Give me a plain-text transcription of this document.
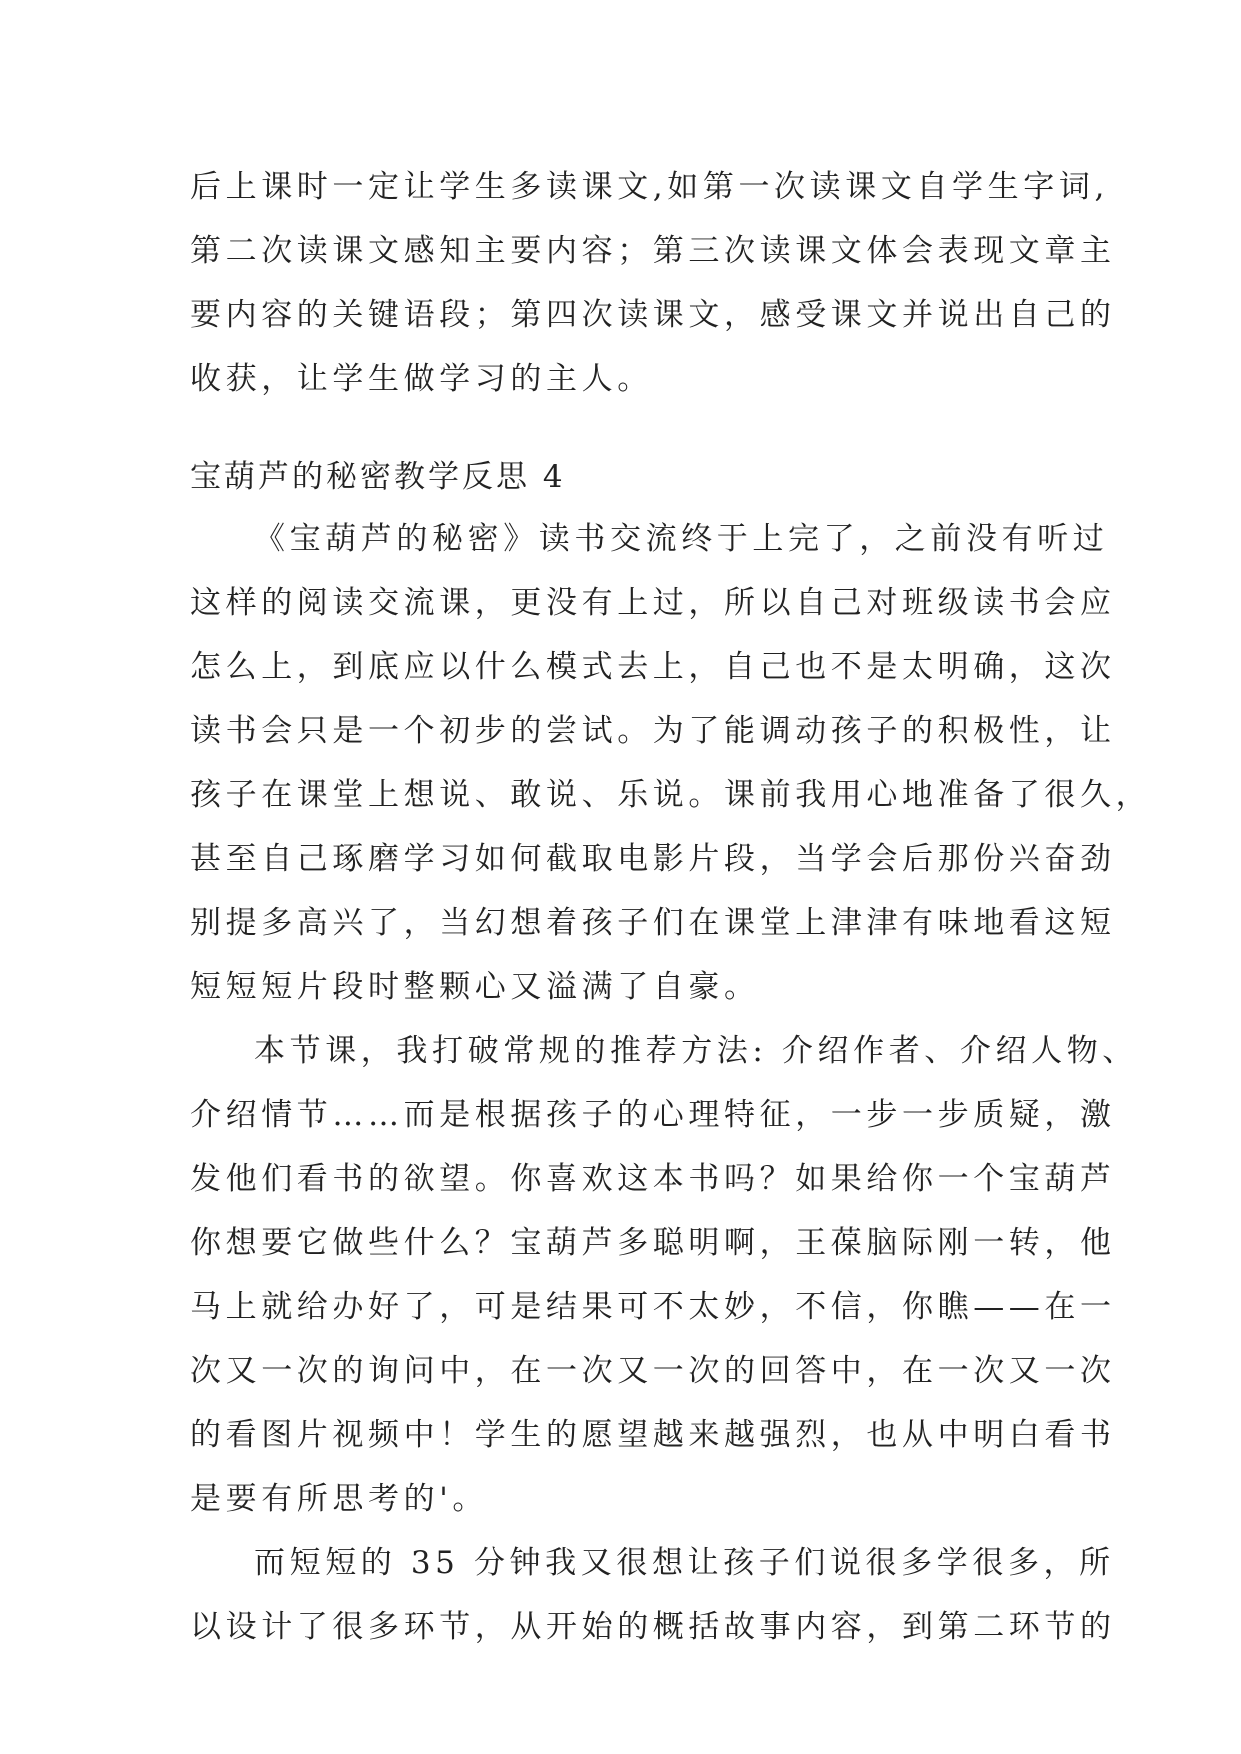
后上课时一定让学生多读课文,如第一次读课文自学生字词,
第二次读课文感知主要内容；第三次读课文体会表现文章主
要内容的关键语段；第四次读课文，感受课文并说出自己的
收获，让学生做学习的主人。
宝葫芦的秘密教学反思 4
《宝葫芦的秘密》读书交流终于上完了，之前没有听过
这样的阅读交流课，更没有上过，所以自己对班级读书会应
怎么上，到底应以什么模式去上，自己也不是太明确，这次
读书会只是一个初步的尝试。为了能调动孩子的积极性，让
孩子在课堂上想说、敢说、乐说。课前我用心地准备了很久，
甚至自己琢磨学习如何截取电影片段，当学会后那份兴奋劲
别提多高兴了，当幻想着孩子们在课堂上津津有味地看这短
短短短片段时整颗心又溢满了自豪。
本节课，我打破常规的推荐方法: 介绍作者、介绍人物、
介绍情节……而是根据孩子的心理特征，一步一步质疑，激
发他们看书的欲望。你喜欢这本书吗？如果给你一个宝葫芦
你想要它做些什么？宝葫芦多聪明啊，王葆脑际刚一转，他
马上就给办好了，可是结果可不太妙，不信，你瞧——在一
次又一次的询问中，在一次又一次的回答中，在一次又一次
的看图片视频中！学生的愿望越来越强烈，也从中明白看书
是要有所思考的'。
而短短的 35 分钟我又很想让孩子们说很多学很多，所
以设计了很多环节，从开始的概括故事内容，到第二环节的
